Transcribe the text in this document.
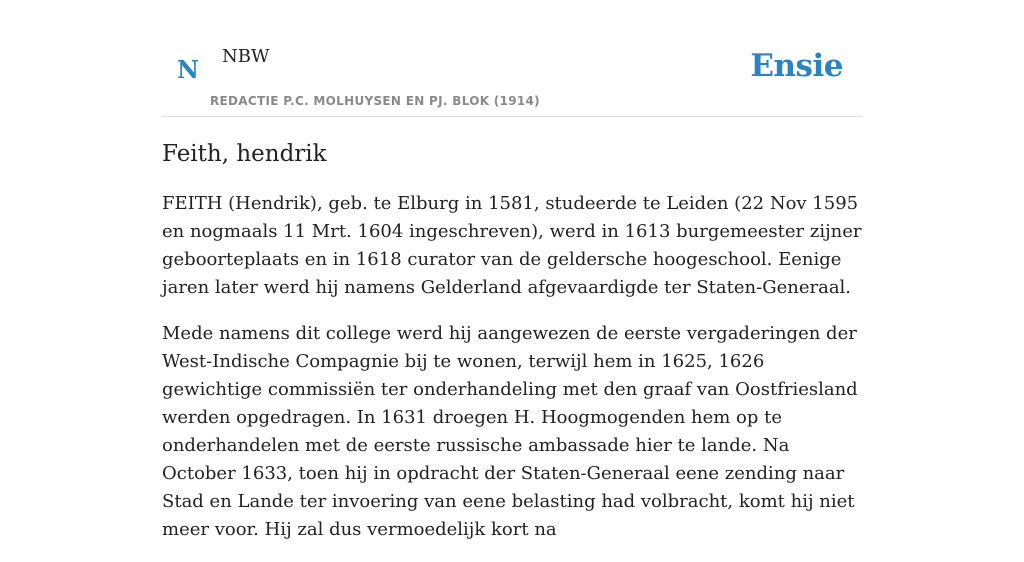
N NBW
REDACTIE P.C. MOLHUYSEN EN PJ. BLOK (1914)
Ensie
Feith, hendrik

FEITH (Hendrik), geb. te Elburg in 1581, studeerde te Leiden (22 Nov 1595 en nogmaals 11 Mrt. 1604 ingeschreven), werd in 1613 burgemeester zijner geboorteplaats en in 1618 curator van de geldersche hoogeschool. Eenige jaren later werd hij namens Gelderland afgevaardigde ter Staten-Generaal.

Mede namens dit college werd hij aangewezen de eerste vergaderingen der West-Indische Compagnie bij te wonen, terwijl hem in 1625, 1626 gewichtige commissiën ter onderhandeling met den graaf van Oostfriesland werden opgedragen. In 1631 droegen H. Hoogmogenden hem op te onderhandelen met de eerste russische ambassade hier te lande. Na October 1633, toen hij in opdracht der Staten-Generaal eene zending naar Stad en Lande ter invoering van eene belasting had volbracht, komt hij niet meer voor. Hij zal dus vermoedelijk kort na
